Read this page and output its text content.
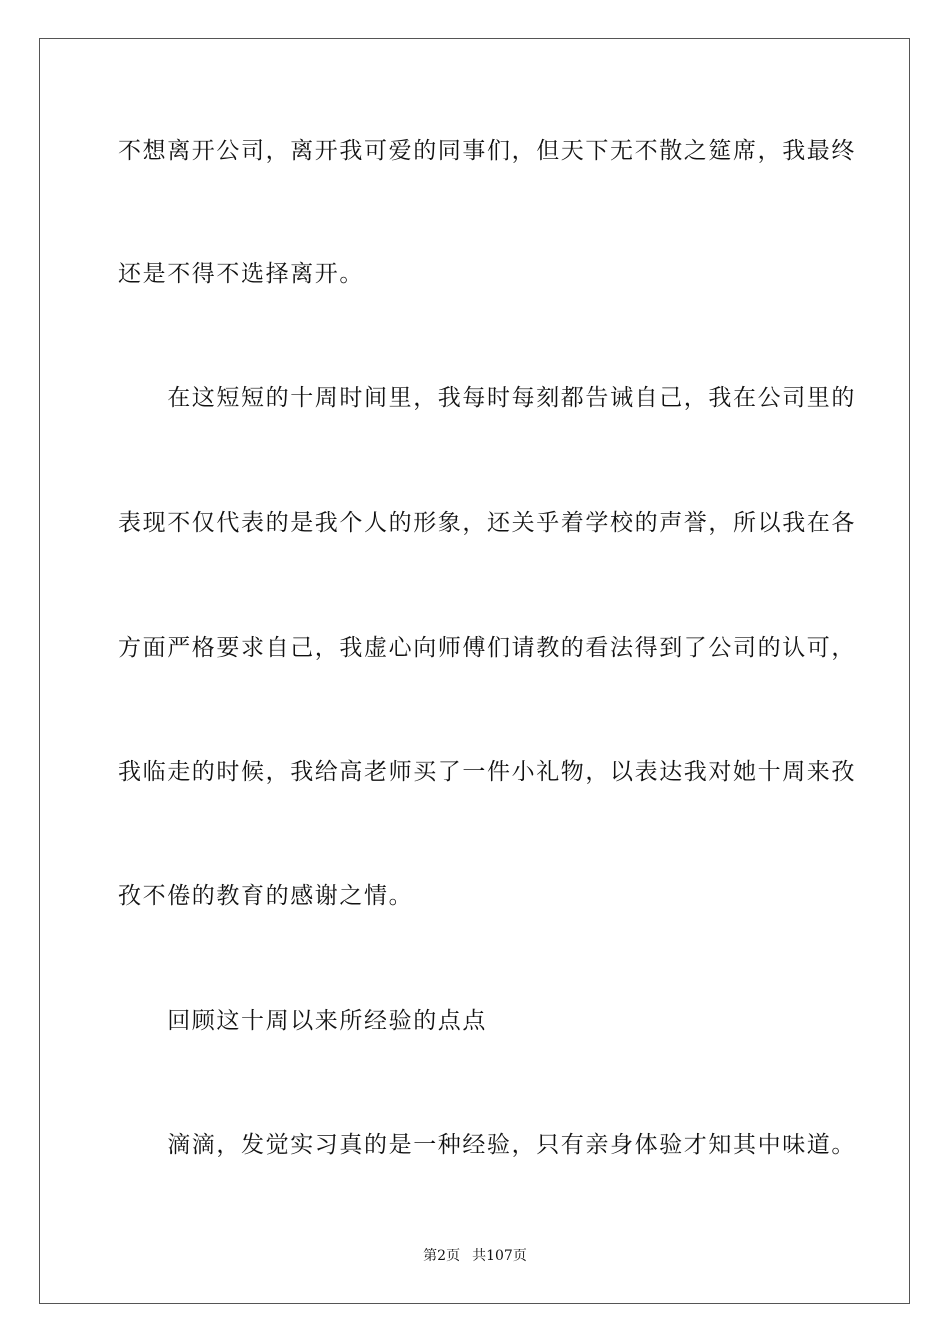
不想离开公司，离开我可爱的同事们，但天下无不散之筵席，我最终
还是不得不选择离开。
　　在这短短的十周时间里，我每时每刻都告诫自己，我在公司里的
表现不仅代表的是我个人的形象，还关乎着学校的声誉，所以我在各
方面严格要求自己，我虚心向师傅们请教的看法得到了公司的认可，
我临走的时候，我给高老师买了一件小礼物，以表达我对她十周来孜
孜不倦的教育的感谢之情。
　　回顾这十周以来所经验的点点
　　滴滴，发觉实习真的是一种经验，只有亲身体验才知其中味道。
第2页 共107页
